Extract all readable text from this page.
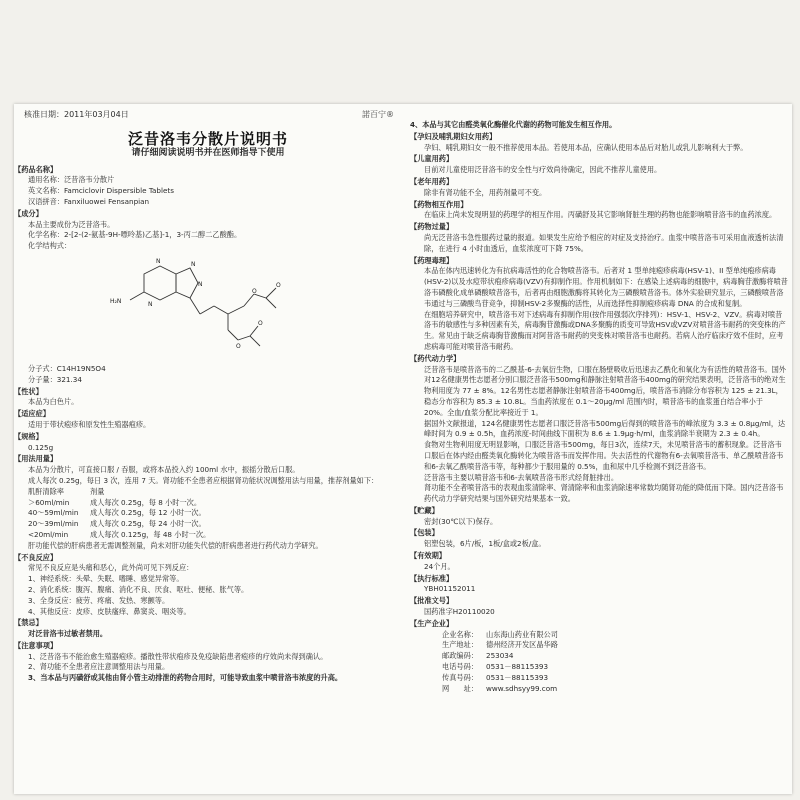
核准日期：2011年03月04日	諾百宁®
泛昔洛韦分散片说明书
请仔细阅读说明书并在医师指导下使用
【 药品名称 】
通用名称：泛昔洛韦分散片
英文名称：Famciclovir Dispersible Tablets
汉语拼音：Fanxiluowei Fensanpian
【 成分 】
本品主要成份为泛昔洛韦。
化学名称：2-[2-(2-氨基-9H-嘌呤基)乙基]-1，3-丙二醇二乙酸酯。
化学结构式：
N	N
N
N
H₂N
O
O
O
O
分子式：C14H19N5O4
分子量：321.34
【 性状 】
本品为白色片。
【 适应症 】
适用于带状疱疹和原发性生殖器疱疹。
【 规格 】
0.125g
【 用法用量 】
本品为分散片，可直接口服 / 吞服，或将本品投入约 100ml 水中，振摇分散后口服。
成人每次 0.25g，每日 3 次，连用 7 天。肾功能不全患者应根据肾功能状况调整用法与用量，推荐剂量如下：
肌酐清除率	剂量
＞60ml/min	成人每次 0.25g，每 8 小时一次。
40～59ml/min	成人每次 0.25g，每 12 小时一次。
20～39ml/min	成人每次 0.25g，每 24 小时一次。
<20ml/min	成人每次 0.125g，每 48 小时一次。
肝功能代偿的肝病患者无需调整剂量，尚未对肝功能失代偿的肝病患者进行药代动力学研究。
【 不良反应 】
常见不良反应是头痛和恶心，此外尚可见下列反应：
1、神经系统：头晕、失眠、嗜睡、感觉异常等。
2、消化系统：腹泻、腹痛、消化不良、厌食、呕吐、便秘、胀气等。
3、全身反应：疲劳、疼痛、发热、寒颤等。
4、其他反应：皮疹、皮肤瘙痒、鼻窦炎、咽炎等。
【 禁忌 】
对泛昔洛韦过敏者禁用。
【 注意事项 】
1、泛昔洛韦不能治愈生殖器疱疹。播散性带状疱疹及免疫缺陷患者疱疹的疗效尚未得到确认。
2、肾功能不全患者应注意调整用法与用量。
3、当本品与丙磺舒或其他由肾小管主动排泄的药物合用时，可能导致血浆中喷昔洛韦浓度的升高。
4、本品与其它由醛类氧化酶催化代谢的药物可能发生相互作用。
【 孕妇及哺乳期妇女用药 】
孕妇、哺乳期妇女一般不推荐使用本品。若使用本品，应确认使用本品后对胎儿或乳儿影响利大于弊。
【 儿童用药 】
目前对儿童使用泛昔洛韦的安全性与疗效尚待确定，因此不推荐儿童使用。
【 老年用药 】
除非有肾功能不全，用药剂量可不变。
【 药物相互作用 】
在临床上尚未发现明显的药理学的相互作用。丙磺舒及其它影响肾脏生理的药物也能影响喷昔洛韦的血药浓度。
【 药物过量 】
尚无泛昔洛韦急性服药过量的报道。如果发生应给予相应的对症及支持治疗。血浆中喷昔洛韦可采用血液透析法清除，在进行 4 小时血透后，血浆浓度可下降 75%。
【 药理毒理 】
本品在体内迅速转化为有抗病毒活性的化合物喷昔洛韦。后者对 1 型单纯疱疹病毒(HSV-1)、II 型单纯疱疹病毒(HSV-2)以及水痘带状疱疹病毒(VZV)有抑制作用。作用机制如下：在感染上述病毒的细胞中，病毒胸苷激酶将喷昔洛韦磷酸化成单磷酸喷昔洛韦，后者再由细胞激酶将其转化为三磷酸喷昔洛韦。体外实验研究显示，三磷酸喷昔洛韦通过与三磷酸鸟苷竞争，抑制HSV-2多聚酶的活性，从而选择性抑制疱疹病毒 DNA 的合成和复制。
在细胞培养研究中，喷昔洛韦对下述病毒有抑制作用(按作用强弱次序排列)：HSV-1、HSV-2、VZV。病毒对喷昔洛韦的敏感性与多种因素有关，病毒胸苷激酶或DNA多聚酶的质变可导致HSV或VZV对喷昔洛韦耐药的突变株的产生。常见由于缺乏病毒胸苷激酶而对阿昔洛韦耐药的突变株对喷昔洛韦也耐药。若病人治疗临床疗效不佳时，应考虑病毒可能对喷昔洛韦耐药。
【 药代动力学 】
泛昔洛韦是喷昔洛韦的二乙酰基-6-去氧衍生物，口服在肠壁吸收后迅速去乙酰化和氧化为有活性的喷昔洛韦。国外对12名健康男性志愿者分别口服泛昔洛韦500mg和静脉注射喷昔洛韦400mg的研究结果表明，泛昔洛韦的绝对生物利用度为 77 ± 8%。12名男性志愿者静脉注射喷昔洛韦400mg后，喷昔洛韦消除分布容积为 125 ± 21.3L，稳态分布容积为 85.3 ± 10.8L。当血药浓度在 0.1～20μg/ml 范围内时，喷昔洛韦的血浆蛋白结合率小于 20%。全血/血浆分配比率接近于 1。
据国外文献报道，124名健康男性志愿者口服泛昔洛韦500mg后得到的喷昔洛韦的峰浓度为 3.3 ± 0.8μg/ml，达峰时间为 0.9 ± 0.5h，血药浓度-时间曲线下面积为 8.6 ± 1.9μg·h/ml，血浆消除半衰期为 2.3 ± 0.4h。
食物对生物利用度无明显影响，口服泛昔洛韦500mg，每日3次，连续7天，未见喷昔洛韦的蓄积现象。泛昔洛韦口服后在体内经由醛类氧化酶转化为喷昔洛韦而发挥作用。失去活性的代谢物有6-去氧喷昔洛韦、单乙酰喷昔洛韦和6-去氧乙酰喷昔洛韦等，每种都少于服用量的 0.5%，血和尿中几乎检测不到泛昔洛韦。
泛昔洛韦主要以喷昔洛韦和6-去氧喷昔洛韦形式经肾脏排出。
肾功能不全者喷昔洛韦的表观血浆清除率、肾清除率和血浆消除速率常数均随肾功能的降低而下降。国内泛昔洛韦药代动力学研究结果与国外研究结果基本一致。
【 贮藏 】
密封(30℃以下)保存。
【 包装 】
铝塑包装，6片/板，1板/盒或2板/盒。
【 有效期 】
24个月。
【 执行标准 】
YBH01152011
【 批准文号 】
国药准字H20110020
【 生产企业 】
企业名称：	山东海山药业有限公司
生产地址：	德州经济开发区晶华路
邮政编码：	253034
电话号码：	0531－88115393
传真号码：	0531－88115393
网　　址：	www.sdhsyy99.com
